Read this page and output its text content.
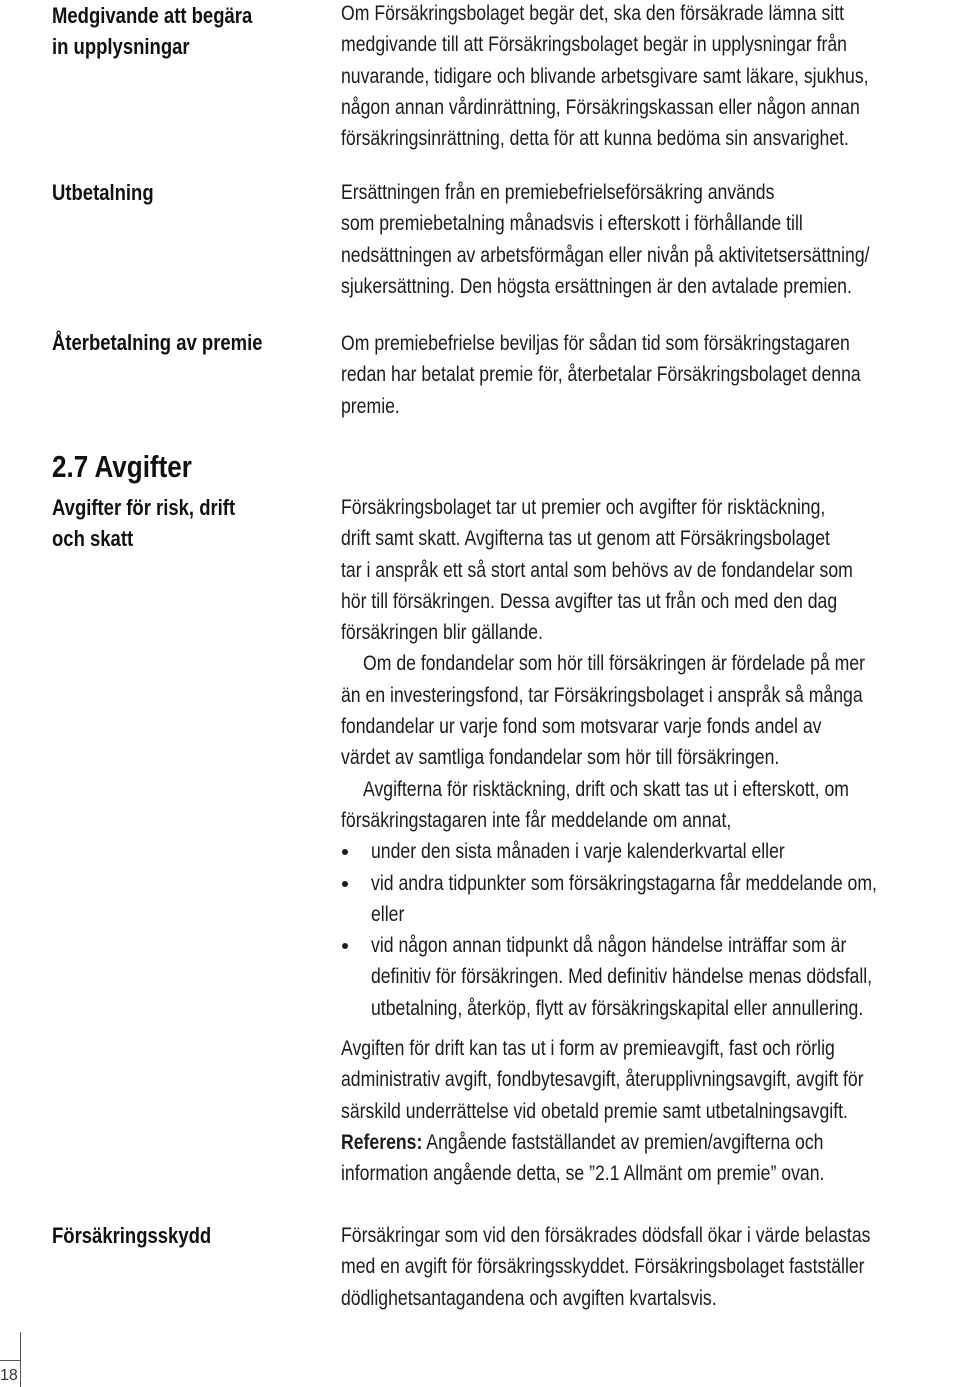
Medgivande att begära
in upplysningar
Utbetalning
Återbetalning av premie
2.7 Avgifter
Avgifter för risk, drift
och skatt
Försäkringsskydd

Om Försäkringsbolaget begär det, ska den försäkrade lämna sitt

medgivande till att Försäkringsbolaget begär in upplysningar från

nuvarande, tidigare och blivande arbetsgivare samt läkare, sjukhus,

någon annan vårdinrättning, Försäkringskassan eller någon annan

försäkringsinrättning, detta för att kunna bedöma sin ansvarighet.

Ersättningen från en premiebefrielseförsäkring används

som premiebetalning månadsvis i efterskott i förhållande till

nedsättningen av arbetsförmågan eller nivån på aktivitetsersättning/

sjukersättning. Den högsta ersättningen är den avtalade premien.

Om premiebefrielse beviljas för sådan tid som försäkringstagaren

redan har betalat premie för, återbetalar Försäkringsbolaget denna

premie.

Försäkringsbolaget tar ut premier och avgifter för risktäckning,

drift samt skatt. Avgifterna tas ut genom att Försäkringsbolaget

tar i anspråk ett så stort antal som behövs av de fondandelar som

hör till försäkringen. Dessa avgifter tas ut från och med den dag

försäkringen blir gällande.

Om de fondandelar som hör till försäkringen är fördelade på mer

än en investeringsfond, tar Försäkringsbolaget i anspråk så många

fondandelar ur varje fond som motsvarar varje fonds andel av

värdet av samtliga fondandelar som hör till försäkringen.

Avgifterna för risktäckning, drift och skatt tas ut i efterskott, om

försäkringstagaren inte får meddelande om annat,

under den sista månaden i varje kalenderkvartal eller
vid andra tidpunkter som försäkringstagarna får meddelande om,
eller
vid någon annan tidpunkt då någon händelse inträffar som är
definitiv för försäkringen. Med definitiv händelse menas dödsfall,
utbetalning, återköp, flytt av försäkringskapital eller annullering.

Avgiften för drift kan tas ut i form av premieavgift, fast och rörlig

administrativ avgift, fondbytesavgift, återupplivningsavgift, avgift för

särskild underrättelse vid obetald premie samt utbetalningsavgift.

Referens: Angående fastställandet av premien/avgifterna och

information angående detta, se ”2.1 Allmänt om premie” ovan.

Försäkringar som vid den försäkrades dödsfall ökar i värde belastas

med en avgift för försäkringsskyddet. Försäkringsbolaget fastställer

dödlighetsantagandena och avgiften kvartalsvis.

18
